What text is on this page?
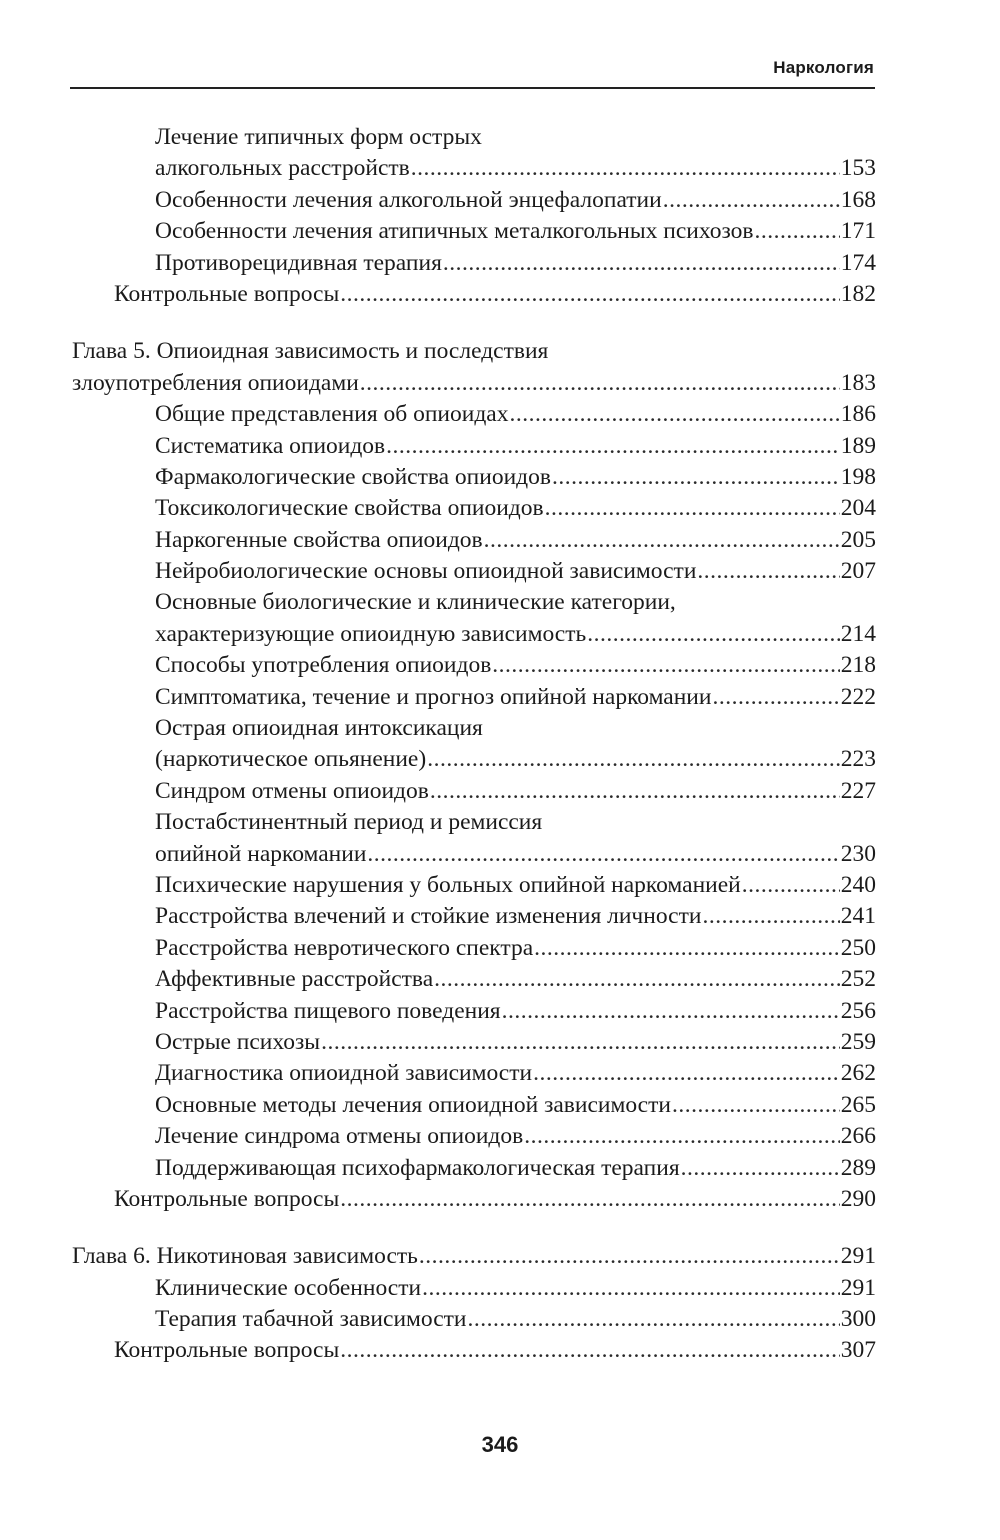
Наркология
Лечение типичных форм острых
алкогольных расстройств .....	153
Особенности лечения алкогольной энцефалопатии .....	168
Особенности лечения атипичных металкогольных психозов .....	171
Противорецидивная терапия .....	174
Контрольные вопросы .....	182
Глава 5. Опиоидная зависимость и последствия
злоупотребления опиоидами .....	183
Общие представления об опиоидах .....	186
Систематика опиоидов .....	189
Фармакологические свойства опиоидов .....	198
Токсикологические свойства опиоидов .....	204
Наркогенные свойства опиоидов .....	205
Нейробиологические основы опиоидной зависимости .....	207
Основные биологические и клинические категории,
характеризующие опиоидную зависимость .....	214
Способы употребления опиоидов .....	218
Симптоматика, течение и прогноз опийной наркомании .....	222
Острая опиоидная интоксикация
(наркотическое опьянение) .....	223
Синдром отмены опиоидов .....	227
Постабстинентный период и ремиссия
опийной наркомании .....	230
Психические нарушения у больных опийной наркоманией .....	240
Расстройства влечений и стойкие изменения личности .....	241
Расстройства невротического спектра .....	250
Аффективные расстройства .....	252
Расстройства пищевого поведения .....	256
Острые психозы .....	259
Диагностика опиоидной зависимости .....	262
Основные методы лечения опиоидной зависимости .....	265
Лечение синдрома отмены опиоидов .....	266
Поддерживающая психофармакологическая терапия .....	289
Контрольные вопросы .....	290
Глава 6. Никотиновая зависимость .....	291
Клинические особенности .....	291
Терапия табачной зависимости .....	300
Контрольные вопросы .....	307
346
